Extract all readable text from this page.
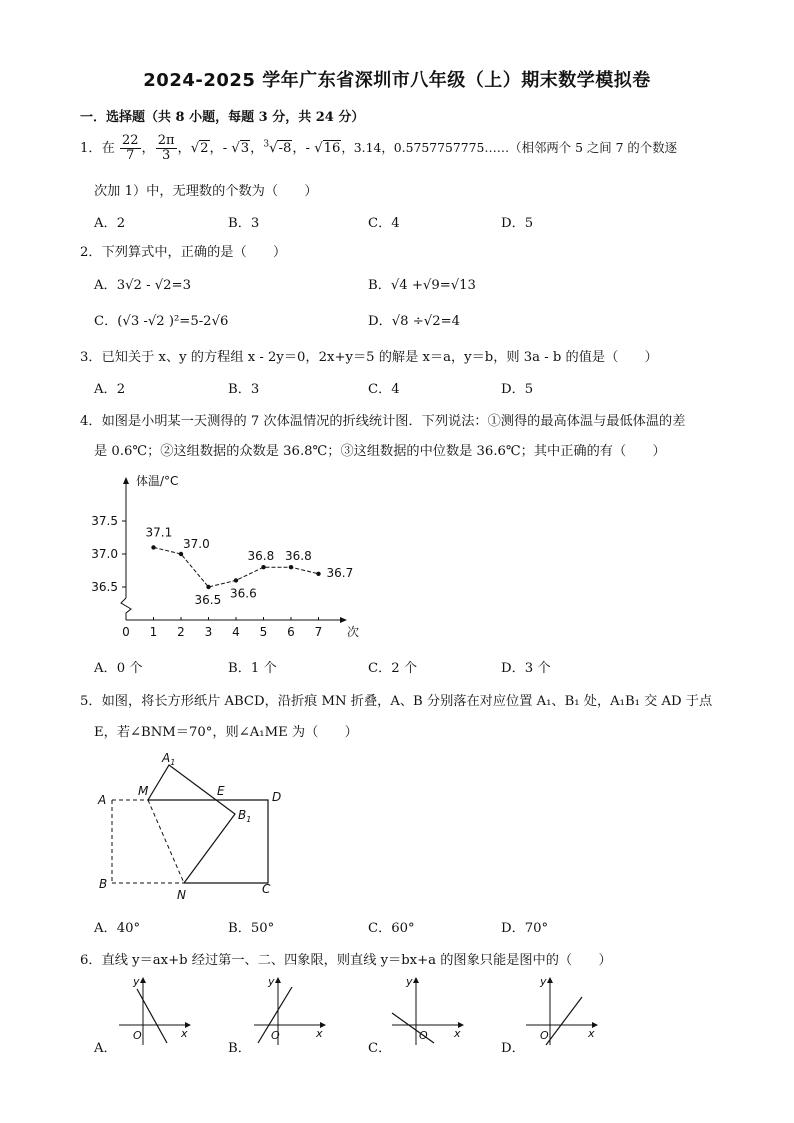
2024-2025 学年广东省深圳市八年级（上）期末数学模拟卷
一．选择题（共 8 小题，每题 3 分，共 24 分）
1．在 $\frac{22}{7}$ ， $\frac{2\pi}{3}$ ，√2，- √3，$^3$√-8，- √16，3.14，0.5757757775……（相邻两个 5 之间 7 的个数逐
次加 1）中，无理数的个数为（　　）
A．2	B．3	C．4	D．5
2．下列算式中，正确的是（　　）
A．3√2 - √2=3	B．√4 +√9=√13
C．(√3 -√2 )²=5-2√6	D．√8 ÷√2=4
3．已知关于 x、y 的方程组 x - 2y＝0，2x+y＝5 的解是 x＝a，y＝b，则 3a - b 的值是（　　）
A．2	B．3	C．4	D．5
4．如图是小明某一天测得的 7 次体温情况的折线统计图．下列说法：①测得的最高体温与最低体温的差
是 0.6℃；②这组数据的众数是 36.8℃；③这组数据的中位数是 36.6℃；其中正确的有（　　）
37.5
37.0
36.5
0 1 2 3 4 5 6 7
37.1
37.0
36.5 36.6
36.8 36.8
36.7
体温/°C
次
A．0 个	B．1 个	C．2 个	D．3 个
5．如图，将长方形纸片 ABCD，沿折痕 MN 折叠，A、B 分别落在对应位置 A₁、B₁ 处，A₁B₁ 交 AD 于点
E，若∠BNM＝70°，则∠A₁ME 为（　　）
$A_1$
M	E	D
A
$B_1$
B
N	C
A．40°	B．50°	C．60°	D．70°
6．直线 y＝ax+b 经过第一、二、四象限，则直线 y＝bx+a 的图象只能是图中的（　　）
A．
y
x
O
B．
y
x
O
C．
y
x
O
D．
y
x
O
